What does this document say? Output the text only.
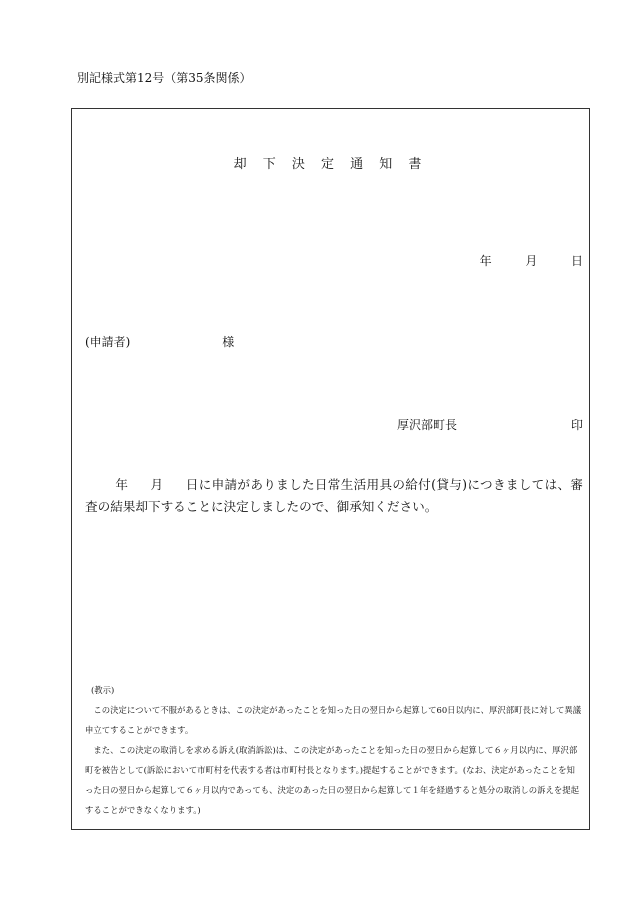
別記様式第12号（第35条関係）
却 下 決 定 通 知 書
年	月	日
(申請者)	様
厚沢部町長	印
年 月 日に申請がありました日常生活用具の給付(貸与)につきましては、審査の結果却下することに決定しましたので、御承知ください。

(教示)

この決定について不服があるときは、この決定があったことを知った日の翌日から起算して60日以内に、厚沢部町長に対して異議申立てすることができます。

また、この決定の取消しを求める訴え(取消訴訟)は、この決定があったことを知った日の翌日から起算して６ヶ月以内に、厚沢部町を被告として(訴訟において市町村を代表する者は市町村長となります。)提起することができます。(なお、決定があったことを知った日の翌日から起算して６ヶ月以内であっても、決定のあった日の翌日から起算して１年を経過すると処分の取消しの訴えを提起することができなくなります。)
